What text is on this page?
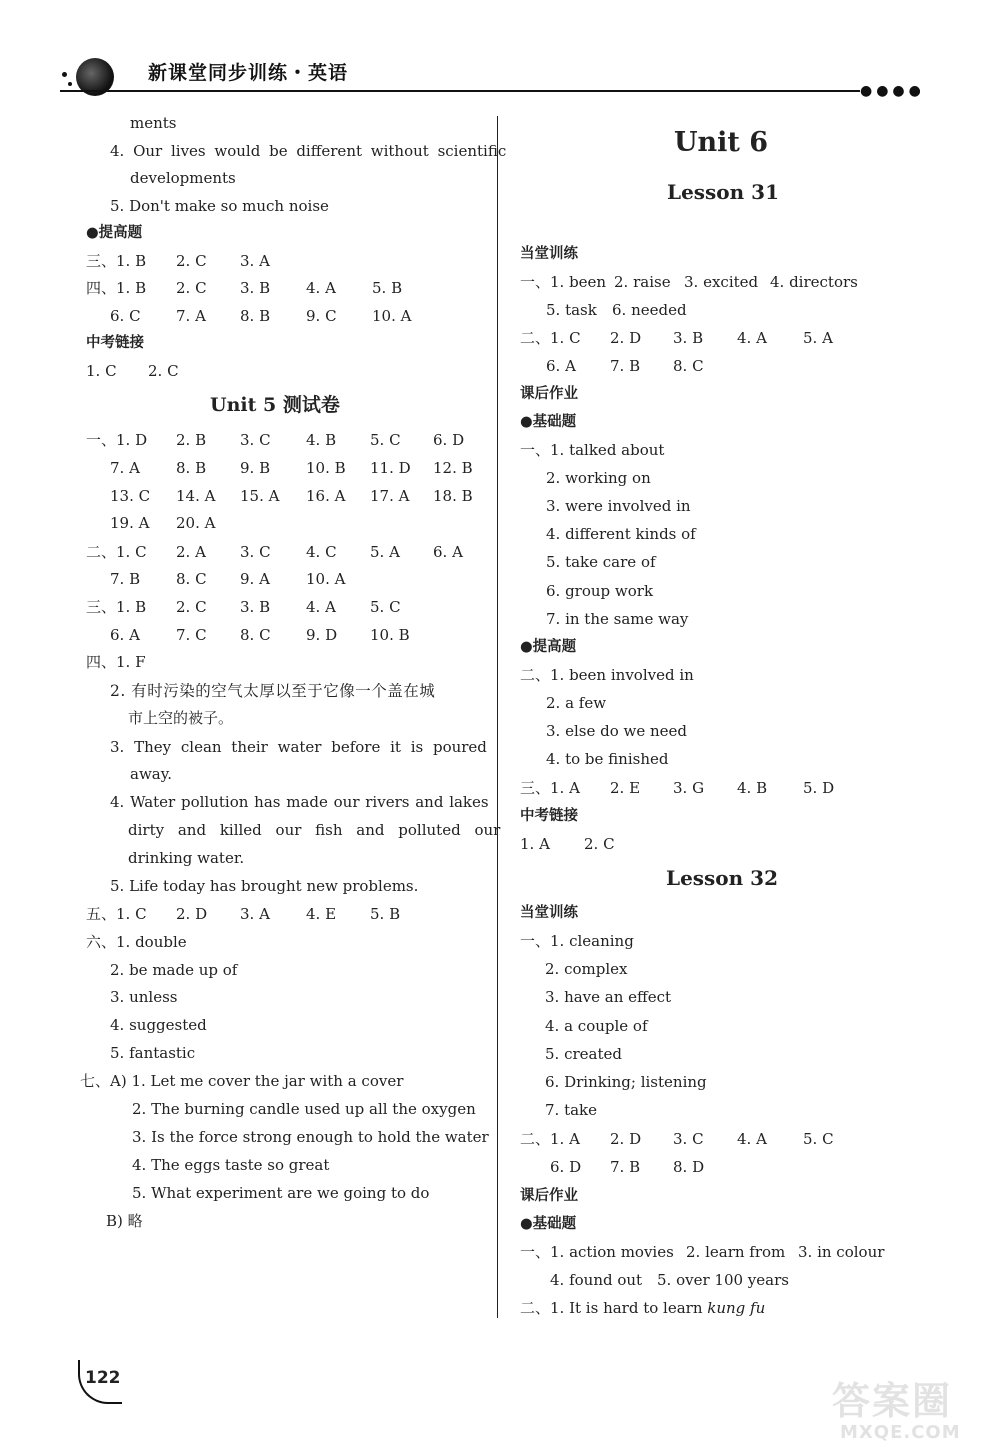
新课堂同步训练・英语
●●●●
ments
4. Our lives would be different without scientific
developments
5. Don't make so much noise
●提高题
三、1. B 2. C 3. A
四、1. B 2. C 3. B 4. A 5. B
6. C 7. A 8. B 9. C 10. A
中考链接
1. C 2. C
Unit 5 测试卷
一、1. D 2. B 3. C 4. B 5. C 6. D
7. A 8. B 9. B 10. B 11. D 12. B
13. C 14. A 15. A 16. A 17. A 18. B
19. A 20. A
二、1. C 2. A 3. C 4. C 5. A 6. A
7. B 8. C 9. A 10. A
三、1. B 2. C 3. B 4. A 5. C
6. A 7. C 8. C 9. D 10. B
四、1. F
2. 有时污染的空气太厚以至于它像一个盖在城
市上空的被子。
3. They clean their water before it is poured
away.
4. Water pollution has made our rivers and lakes
dirty and killed our fish and polluted our
drinking water.
5. Life today has brought new problems.
五、1. C 2. D 3. A 4. E 5. B
六、1. double
2. be made up of
3. unless
4. suggested
5. fantastic
七、A) 1. Let me cover the jar with a cover
2. The burning candle used up all the oxygen
3. Is the force strong enough to hold the water
4. The eggs taste so great
5. What experiment are we going to do
B) 略
Unit 6
Lesson 31
当堂训练
一、1. been 2. raise 3. excited 4. directors
5. task 6. needed
二、1. C 2. D 3. B 4. A 5. A
6. A 7. B 8. C
课后作业
●基础题
一、1. talked about
2. working on
3. were involved in
4. different kinds of
5. take care of
6. group work
7. in the same way
●提高题
二、1. been involved in
2. a few
3. else do we need
4. to be finished
三、1. A 2. E 3. G 4. B 5. D
中考链接
1. A 2. C
Lesson 32
当堂训练
一、1. cleaning
2. complex
3. have an effect
4. a couple of
5. created
6. Drinking; listening
7. take
二、1. A 2. D 3. C 4. A 5. C
6. D 7. B 8. D
课后作业
●基础题
一、1. action movies 2. learn from 3. in colour
4. found out 5. over 100 years
二、1. It is hard to learn kung fu
122
答案圈
MXQE.COM
